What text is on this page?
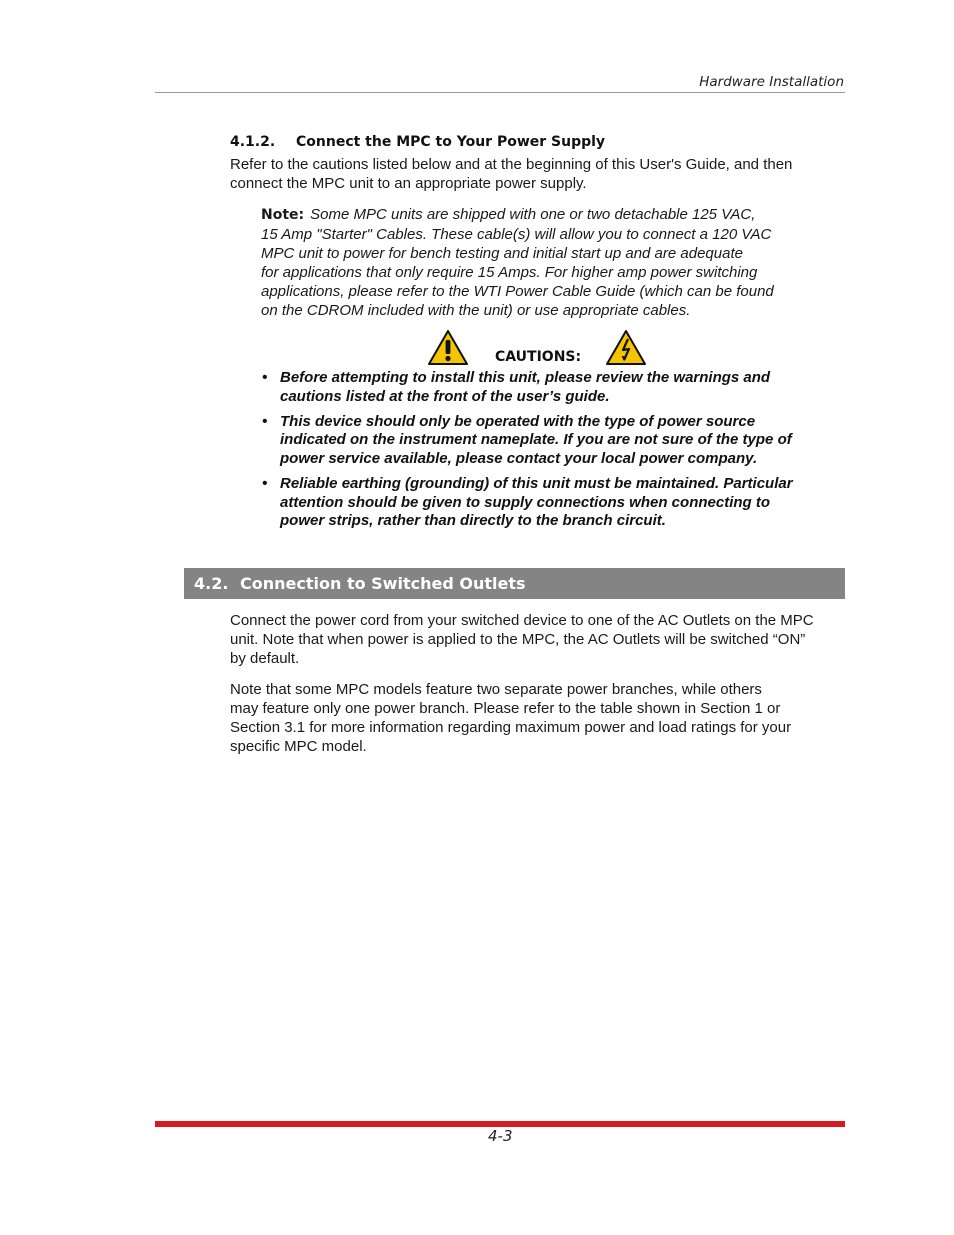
Hardware Installation
4.1.2. Connect the MPC to Your Power Supply
Refer to the cautions listed below and at the beginning of this User's Guide, and then
connect the MPC unit to an appropriate power supply.
Note: Some MPC units are shipped with one or two detachable 125 VAC,
15 Amp "Starter" Cables. These cable(s) will allow you to connect a 120 VAC
MPC unit to power for bench testing and initial start up and are adequate
for applications that only require 15 Amps. For higher amp power switching
applications, please refer to the WTI Power Cable Guide (which can be found
on the CDROM included with the unit) or use appropriate cables.
CAUTIONS:
• Before attempting to install this unit, please review the warnings and
cautions listed at the front of the user’s guide.
• This device should only be operated with the type of power source
indicated on the instrument nameplate. If you are not sure of the type of
power service available, please contact your local power company.
• Reliable earthing (grounding) of this unit must be maintained. Particular
attention should be given to supply connections when connecting to
power strips, rather than directly to the branch circuit.
4.2. Connection to Switched Outlets
Connect the power cord from your switched device to one of the AC Outlets on the MPC
unit. Note that when power is applied to the MPC, the AC Outlets will be switched “ON”
by default.
Note that some MPC models feature two separate power branches, while others
may feature only one power branch. Please refer to the table shown in Section 1 or
Section 3.1 for more information regarding maximum power and load ratings for your
specific MPC model.
4-3
